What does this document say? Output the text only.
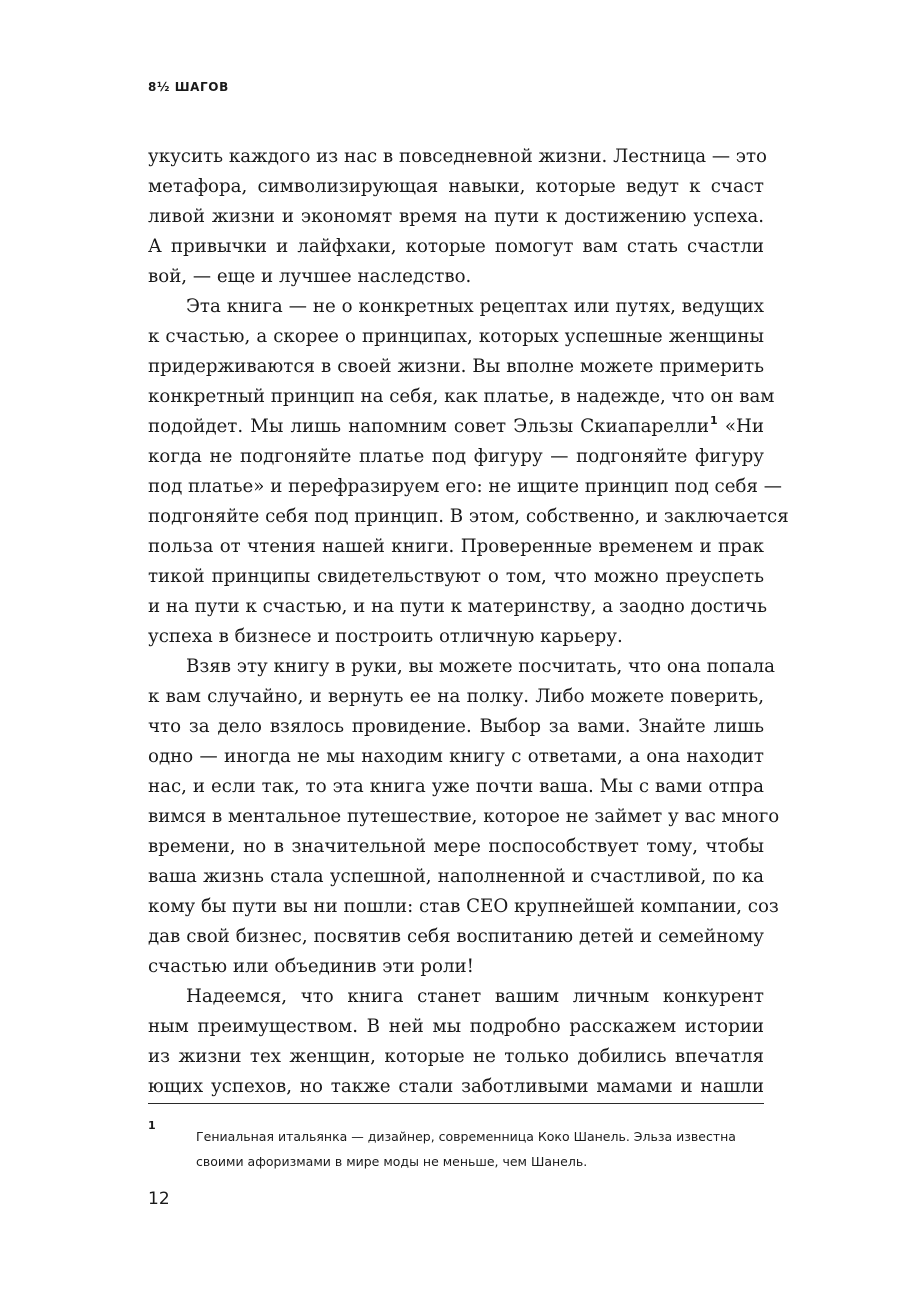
8½ ШАГОВ
укусить каждого из нас в повседневной жизни. Лестница — это
метафора, символизирующая навыки, которые ведут к счаст
ливой жизни и экономят время на пути к достижению успеха.
А привычки и лайфхаки, которые помогут вам стать счастли
вой, — еще и лучшее наследство.
Эта книга — не о конкретных рецептах или путях, ведущих
к счастью, а скорее о принципах, которых успешные женщины
придерживаются в своей жизни. Вы вполне можете примерить
конкретный принцип на себя, как платье, в надежде, что он вам
подойдет. Мы лишь напомним совет Эльзы Скиапарелли$^1$ «Ни
когда не подгоняйте платье под фигуру — подгоняйте фигуру
под платье» и перефразируем его: не ищите принцип под себя —
подгоняйте себя под принцип. В этом, собственно, и заключается
польза от чтения нашей книги. Проверенные временем и прак
тикой принципы свидетельствуют о том, что можно преуспеть
и на пути к счастью, и на пути к материнству, а заодно достичь
успеха в бизнесе и построить отличную карьеру.
Взяв эту книгу в руки, вы можете посчитать, что она попала
к вам случайно, и вернуть ее на полку. Либо можете поверить,
что за дело взялось провидение. Выбор за вами. Знайте лишь
одно — иногда не мы находим книгу с ответами, а она находит
нас, и если так, то эта книга уже почти ваша. Мы с вами отпра
вимся в ментальное путешествие, которое не займет у вас много
времени, но в значительной мере поспособствует тому, чтобы
ваша жизнь стала успешной, наполненной и счастливой, по ка
кому бы пути вы ни пошли: став CEO крупнейшей компании, соз
дав свой бизнес, посвятив себя воспитанию детей и семейному
счастью или объединив эти роли!
Надеемся, что книга станет вашим личным конкурент
ным преимуществом. В ней мы подробно расскажем истории
из жизни тех женщин, которые не только добились впечатля
ющих успехов, но также стали заботливыми мамами и нашли
1
Гениальная итальянка — дизайнер, современница Коко Шанель. Эльза известна
своими афоризмами в мире моды не меньше, чем Шанель.
12
